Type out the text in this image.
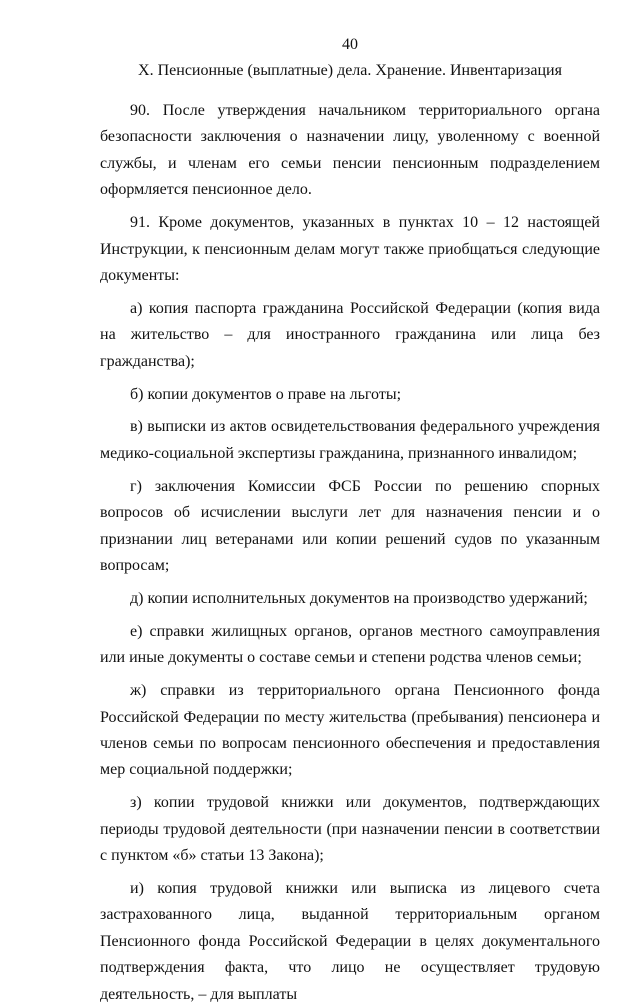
40
X. Пенсионные (выплатные) дела. Хранение. Инвентаризация

90. После утверждения начальником территориального органа безопасности заключения о назначении лицу, уволенному с военной службы, и членам его семьи пенсии пенсионным подразделением оформляется пенсионное дело.

91. Кроме документов, указанных в пунктах 10 – 12 настоящей Инструкции, к пенсионным делам могут также приобщаться следующие документы:

а) копия паспорта гражданина Российской Федерации (копия вида на жительство – для иностранного гражданина или лица без гражданства);

б) копии документов о праве на льготы;

в) выписки из актов освидетельствования федерального учреждения медико-социальной экспертизы гражданина, признанного инвалидом;

г) заключения Комиссии ФСБ России по решению спорных вопросов об исчислении выслуги лет для назначения пенсии и о признании лиц ветеранами или копии решений судов по указанным вопросам;

д) копии исполнительных документов на производство удержаний;

е) справки жилищных органов, органов местного самоуправления или иные документы о составе семьи и степени родства членов семьи;

ж) справки из территориального органа Пенсионного фонда Российской Федерации по месту жительства (пребывания) пенсионера и членов семьи по вопросам пенсионного обеспечения и предоставления мер социальной поддержки;

з) копии трудовой книжки или документов, подтверждающих периоды трудовой деятельности (при назначении пенсии в соответствии с пунктом «б» статьи 13 Закона);

и) копия трудовой книжки или выписка из лицевого счета застрахованного лица, выданной территориальным органом Пенсионного фонда Российской Федерации в целях документального подтверждения факта, что лицо не осуществляет трудовую деятельность, – для выплаты
